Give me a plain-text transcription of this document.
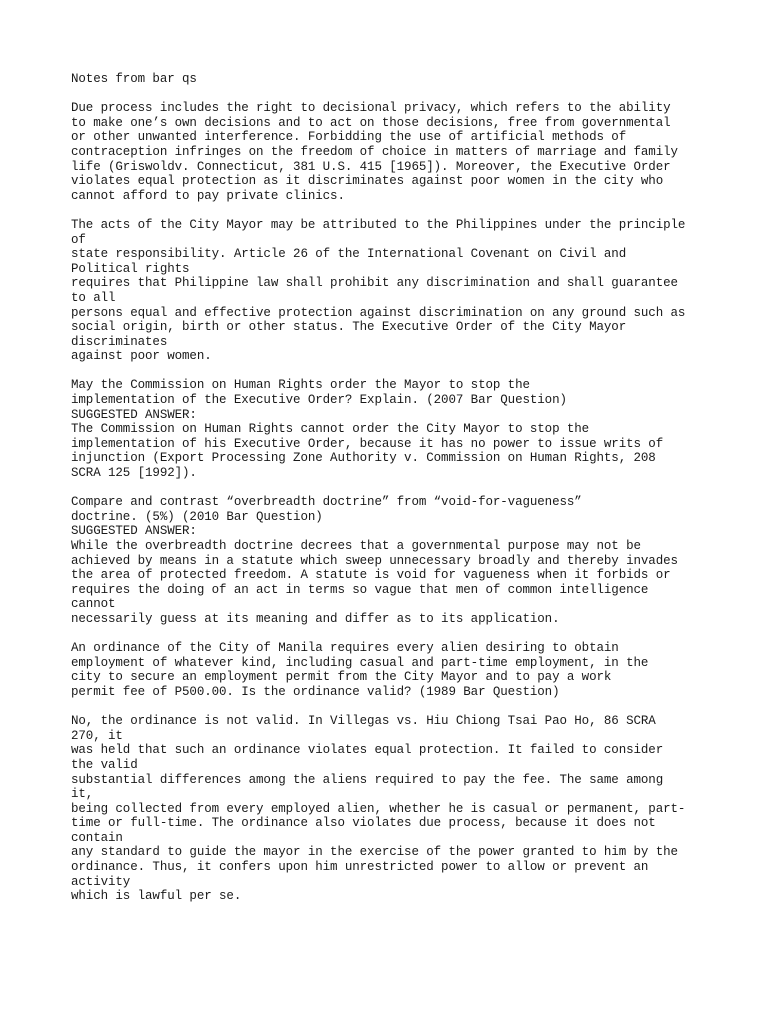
Notes from bar qs
Due process includes the right to decisional privacy, which refers to the ability
to make one’s own decisions and to act on those decisions, free from governmental
or other unwanted interference. Forbidding the use of artificial methods of
contraception infringes on the freedom of choice in matters of marriage and family
life (Griswoldv. Connecticut, 381 U.S. 415 [1965]). Moreover, the Executive Order
violates equal protection as it discriminates against poor women in the city who
cannot afford to pay private clinics.
The acts of the City Mayor may be attributed to the Philippines under the principle
of
state responsibility. Article 26 of the International Covenant on Civil and
Political rights
requires that Philippine law shall prohibit any discrimination and shall guarantee
to all
persons equal and effective protection against discrimination on any ground such as
social origin, birth or other status. The Executive Order of the City Mayor
discriminates
against poor women.
May the Commission on Human Rights order the Mayor to stop the
implementation of the Executive Order? Explain. (2007 Bar Question)
SUGGESTED ANSWER:
The Commission on Human Rights cannot order the City Mayor to stop the
implementation of his Executive Order, because it has no power to issue writs of
injunction (Export Processing Zone Authority v. Commission on Human Rights, 208
SCRA 125 [1992]).
Compare and contrast “overbreadth doctrine” from “void-for-vagueness”
doctrine. (5%) (2010 Bar Question)
SUGGESTED ANSWER:
While the overbreadth doctrine decrees that a governmental purpose may not be
achieved by means in a statute which sweep unnecessary broadly and thereby invades
the area of protected freedom. A statute is void for vagueness when it forbids or
requires the doing of an act in terms so vague that men of common intelligence
cannot
necessarily guess at its meaning and differ as to its application.
An ordinance of the City of Manila requires every alien desiring to obtain
employment of whatever kind, including casual and part-time employment, in the
city to secure an employment permit from the City Mayor and to pay a work
permit fee of P500.00. Is the ordinance valid? (1989 Bar Question)
No, the ordinance is not valid. In Villegas vs. Hiu Chiong Tsai Pao Ho, 86 SCRA
270, it
was held that such an ordinance violates equal protection. It failed to consider
the valid
substantial differences among the aliens required to pay the fee. The same among
it,
being collected from every employed alien, whether he is casual or permanent, part-
time or full-time. The ordinance also violates due process, because it does not
contain
any standard to guide the mayor in the exercise of the power granted to him by the
ordinance. Thus, it confers upon him unrestricted power to allow or prevent an
activity
which is lawful per se.
